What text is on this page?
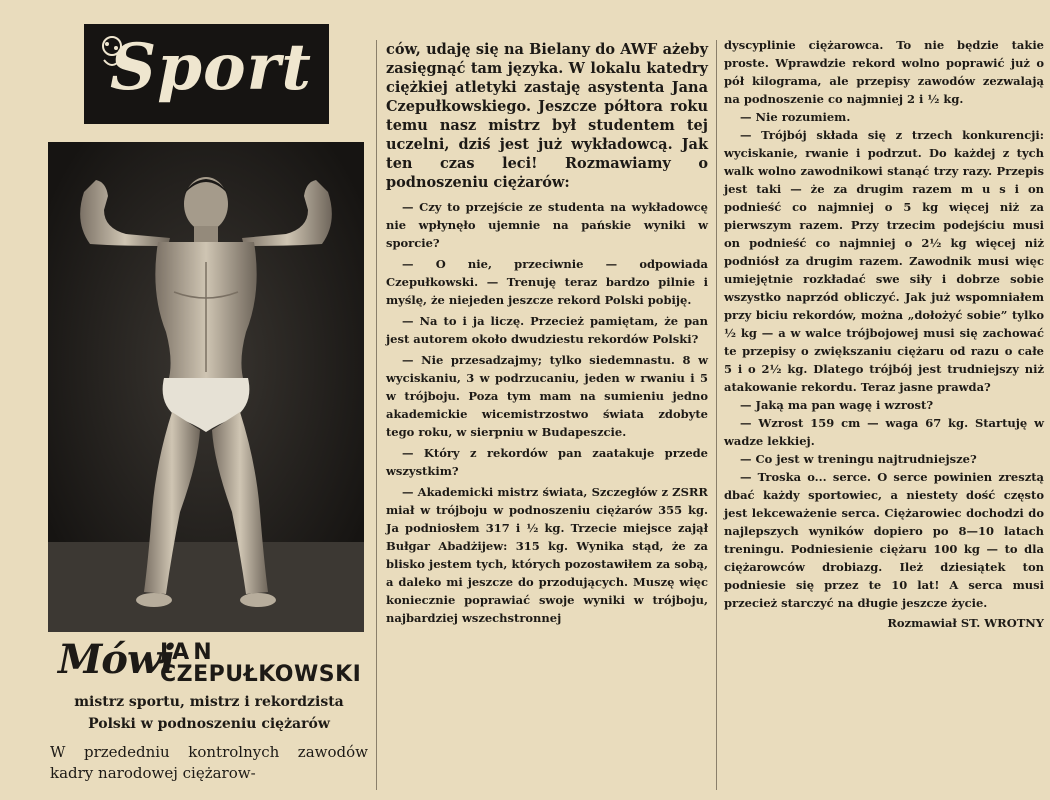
Sport
Mówi
JAN
CZEPUŁKOWSKI
mistrz sportu, mistrz i rekordzista
Polski w podnoszeniu ciężarów
W przededniu kontrolnych zawodów kadry narodowej ciężarow-

ców, udaję się na Bielany do AWF ażeby zasięgnąć tam języka. W lokalu katedry ciężkiej atletyki zastaję asystenta Jana Czepułkowskiego. Jeszcze półtora roku temu nasz mistrz był studentem tej uczelni, dziś jest już wykładowcą. Jak ten czas leci! Rozmawiamy o podnoszeniu ciężarów:

— Czy to przejście ze studenta na wykładowcę nie wpłynęło ujemnie na pańskie wyniki w sporcie?

— O nie, przeciwnie — odpowiada Czepułkowski. — Trenuję teraz bardzo pilnie i myślę, że niejeden jeszcze rekord Polski pobiję.

— Na to i ja liczę. Przecież pamiętam, że pan jest autorem około dwudziestu rekordów Polski?

— Nie przesadzajmy; tylko siedemnastu. 8 w wyciskaniu, 3 w podrzucaniu, jeden w rwaniu i 5 w trójboju. Poza tym mam na sumieniu jedno akademickie wicemistrzostwo świata zdobyte tego roku, w sierpniu w Budapeszcie.

— Który z rekordów pan zaatakuje przede wszystkim?

— Akademicki mistrz świata, Szczegłów z ZSRR miał w trójboju w podnoszeniu ciężarów 355 kg. Ja podniosłem 317 i ½ kg. Trzecie miejsce zajął Bułgar Abadżijew: 315 kg. Wynika stąd, że za blisko jestem tych, których pozostawiłem za sobą, a daleko mi jeszcze do przodujących. Muszę więc koniecznie poprawiać swoje wyniki w trójboju, najbardziej wszechstronnej

dyscyplinie ciężarowca. To nie będzie takie proste. Wprawdzie rekord wolno poprawić już o pół kilograma, ale przepisy zawodów zezwalają na podnoszenie co najmniej 2 i ½ kg.

— Nie rozumiem.

— Trójbój składa się z trzech konkurencji: wyciskanie, rwanie i podrzut. Do każdej z tych walk wolno zawodnikowi stanąć trzy razy. Przepis jest taki — że za drugim razem m u s i on podnieść co najmniej o 5 kg więcej niż za pierwszym razem. Przy trzecim podejściu musi on podnieść co najmniej o 2½ kg więcej niż podniósł za drugim razem. Zawodnik musi więc umiejętnie rozkładać swe siły i dobrze sobie wszystko naprzód obliczyć. Jak już wspomniałem przy biciu rekordów, można „dołożyć sobie” tylko ½ kg — a w walce trójbojowej musi się zachować te przepisy o zwiększaniu ciężaru od razu o całe 5 i o 2½ kg. Dlatego trójbój jest trudniejszy niż atakowanie rekordu. Teraz jasne prawda?

— Jaką ma pan wagę i wzrost?

— Wzrost 159 cm — waga 67 kg. Startuję w wadze lekkiej.

— Co jest w treningu najtrudniejsze?

— Troska o... serce. O serce powinien zresztą dbać każdy sportowiec, a niestety dość często jest lekceważenie serca. Ciężarowiec dochodzi do najlepszych wyników dopiero po 8—10 latach treningu. Podniesienie ciężaru 100 kg — to dla ciężarowców drobiazg. Ileż dziesiątek ton podniesie się przez te 10 lat! A serca musi przecież starczyć na długie jeszcze życie.

Rozmawiał ST. WROTNY
